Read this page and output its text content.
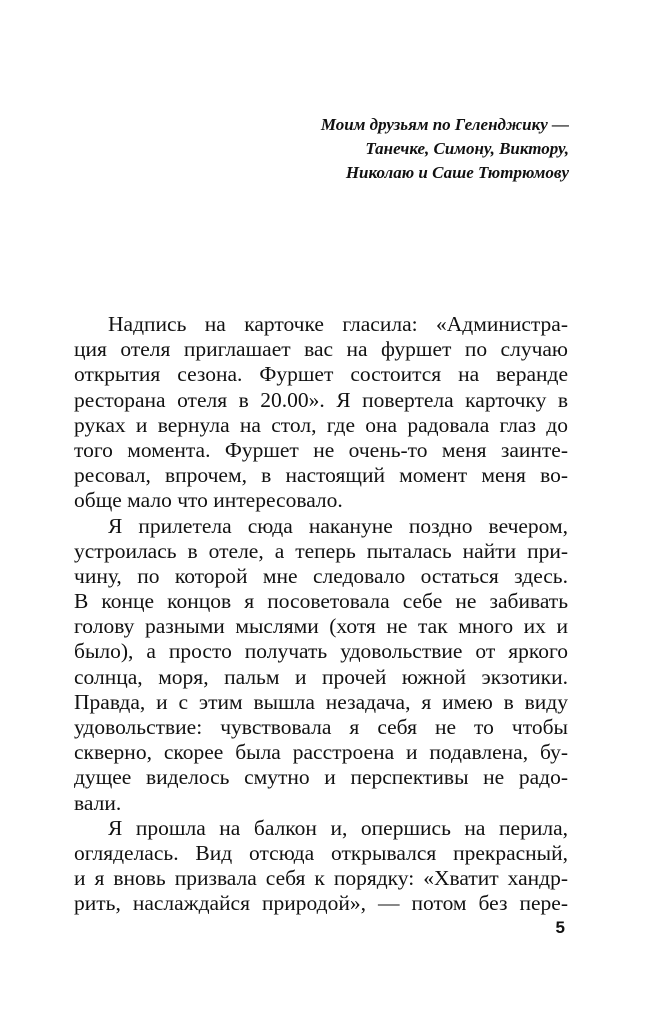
Моим друзьям по Геленджику —
Танечке, Симону, Виктору,
Николаю и Саше Тютрюмову
Надпись на карточке гласила: «Администра-
ция отеля приглашает вас на фуршет по случаю
открытия сезона. Фуршет состоится на веранде
ресторана отеля в 20.00». Я повертела карточку в
руках и вернула на стол, где она радовала глаз до
того момента. Фуршет не очень-то меня заинте-
ресовал, впрочем, в настоящий момент меня во-
обще мало что интересовало.
Я прилетела сюда накануне поздно вечером,
устроилась в отеле, а теперь пыталась найти при-
чину, по которой мне следовало остаться здесь.
В конце концов я посоветовала себе не забивать
голову разными мыслями (хотя не так много их и
было), а просто получать удовольствие от яркого
солнца, моря, пальм и прочей южной экзотики.
Правда, и с этим вышла незадача, я имею в виду
удовольствие: чувствовала я себя не то чтобы
скверно, скорее была расстроена и подавлена, бу-
дущее виделось смутно и перспективы не радо-
вали.
Я прошла на балкон и, опершись на перила,
огляделась. Вид отсюда открывался прекрасный,
и я вновь призвала себя к порядку: «Хватит хандр-
рить, наслаждайся природой», — потом без пере-
5
